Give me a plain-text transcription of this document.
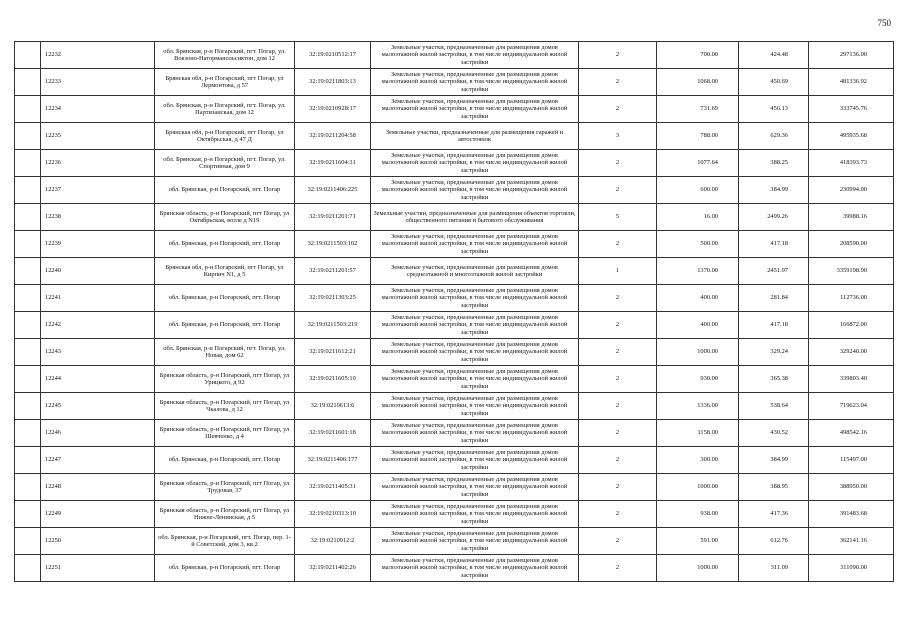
750
	12232	обл. Брянская, р-н Погарский, пгт. Погар, ул. Вокзоно-Наторманольсиктон, дом 12	32:19:0210512:17	Земельные участки, предназначенные для размещения домов малоэтажной жилой застройки, в том числе индивидуальной жилой застройки	2	700.00	424.48	297136.00
	12233	Брянская обл, р-н Погарский, пгт Погар, ул Лермонтова, д 57	32:19:0211803:13	Земельные участки, предназначенные для размещения домов малоэтажной жилой застройки, в том числе индивидуальной жилой застройки	2	1068.00	450.69	481336.92
	12234	обл. Брянская, р-н Погарский, пгт. Погар, ул. Партизанская, дом 12	32:19:0210928:17	Земельные участки, предназначенные для размещения домов малоэтажной жилой застройки, в том числе индивидуальной жилой застройки	2	731.69	456.13	333745.76
	12235	Брянская обл, р-н Погарский, пгт Погар, ул Октябрьская, д 47 Д	32:19:0211204:58	Земельные участки, предназначенные для размещения гаражей и автостоянок	3	788.00	629.36	495935.68
	12236	обл. Брянская, р-н Погарский, пгт. Погар, ул. Спортивная, дом 9	32:19:0211604:31	Земельные участки, предназначенные для размещения домов малоэтажной жилой застройки, в том числе индивидуальной жилой застройки	2	1077.64	388.25	418393.73
	12237	обл. Брянская, р-н Погарский, пгт. Погар	32:19:0211406:225	Земельные участки, предназначенные для размещения домов малоэтажной жилой застройки, в том числе индивидуальной жилой застройки	2	600.00	384.99	230994.00
	12238	Брянская область, р-н Погарский, пгт Погар, ул Октябрьская, возле д N19	32:19:0211201:71	Земельные участки, предназначенные для размещения объектов торговли, общественного питания и бытового обслуживания	5	16.00	2499.26	39988.16
	12239	обл. Брянская, р-н Погарский, пгт. Погар	32:19:0211503:102	Земельные участки, предназначенные для размещения домов малоэтажной жилой застройки, в том числе индивидуальной жилой застройки	2	500.00	417.18	208590.00
	12240	Брянская обл, р-н Погарский, пгт Погар, ул Кирпич N1, д 5	32:19:0211201:57	Земельные участки, предназначенные для размещения домов среднеэтажной и многоэтажной жилой застройки	1	1370.00	2451.97	3359198.90
	12241	обл. Брянская, р-н Погарский, пгт. Погар	32:19:0211303:25	Земельные участки, предназначенные для размещения домов малоэтажной жилой застройки, в том числе индивидуальной жилой застройки	2	400.00	281.84	112736.00
	12242	обл. Брянская, р-н Погарский, пгт. Погар	32:19:0211503:219	Земельные участки, предназначенные для размещения домов малоэтажной жилой застройки, в том числе индивидуальной жилой застройки	2	400.00	417.18	166872.00
	12243	обл. Брянская, р-н Погарский, пгт. Погар, ул. Новая, дом 62	32:19:0211612:21	Земельные участки, предназначенные для размещения домов малоэтажной жилой застройки, в том числе индивидуальной жилой застройки	2	1000.00	329.24	329240.00
	12244	Брянская область, р-н Погарский, пгт Погар, ул Урицкого, д 92	32:19:0211605:10	Земельные участки, предназначенные для размещения домов малоэтажной жилой застройки, в том числе индивидуальной жилой застройки	2	930.00	365.38	339803.40
	12245	Брянская область, р-н Погарский, пгт Погар, ул Чкалова, д 12	32:19:0210613:6	Земельные участки, предназначенные для размещения домов малоэтажной жилой застройки, в том числе индивидуальной жилой застройки	2	1336.00	538.64	719623.04
	12246	Брянская область, р-н Погарский, пгт Погар, ул Шевченко, д 4	32:19:0211601:18	Земельные участки, предназначенные для размещения домов малоэтажной жилой застройки, в том числе индивидуальной жилой застройки	2	1158.00	430.52	498542.16
	12247	обл. Брянская, р-н Погарский, пгт. Погар	32:19:0211406:177	Земельные участки, предназначенные для размещения домов малоэтажной жилой застройки, в том числе индивидуальной жилой застройки	2	300.00	384.99	115497.00
	12248	Брянская область, р-н Погарский, пгт Погар, ул Трудовая, 37	32:19:0211405:31	Земельные участки, предназначенные для размещения домов малоэтажной жилой застройки, в том числе индивидуальной жилой застройки	2	1000.00	388.95	388950.00
	12249	Брянская область, р-н Погарский, пгт Погар, ул Нижне-Ленинская, д 5	32:19:0210313:10	Земельные участки, предназначенные для размещения домов малоэтажной жилой застройки, в том числе индивидуальной жилой застройки	2	938.00	417.36	391483.68
	12250	обл. Брянская, р-н Погарский, пгт. Погар, пер. 1-й Советский, дом 3, кв.2	32:19:0210912:2	Земельные участки, предназначенные для размещения домов малоэтажной жилой застройки, в том числе индивидуальной жилой застройки	2	591.00	612.76	362141.16
	12251	обл. Брянская, р-н Погарский, пгт. Погар	32:19:0211402:26	Земельные участки, предназначенные для размещения домов малоэтажной жилой застройки, в том числе индивидуальной жилой застройки	2	1000.00	311.09	311090.00
